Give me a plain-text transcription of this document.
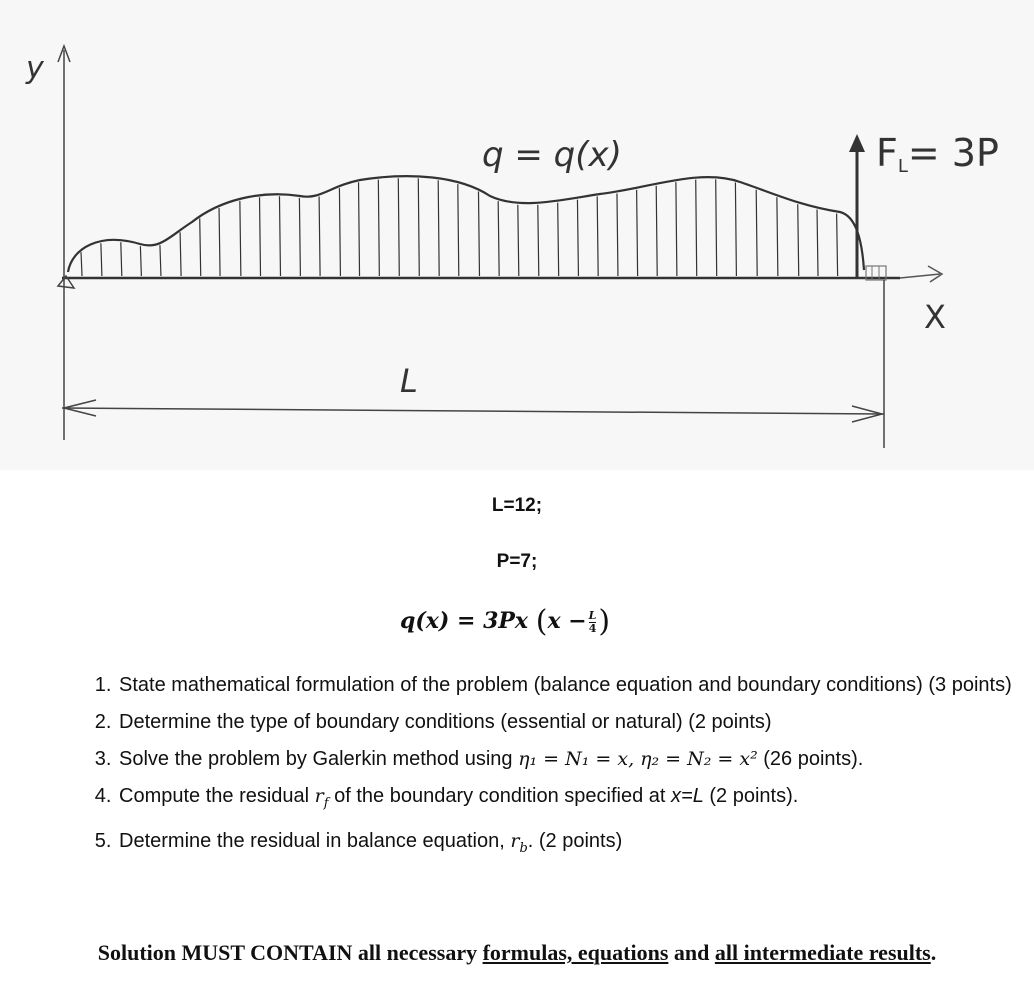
y
X
q = q(x)	FL= 3P
L
L=12;
P=7;
q(x) = 3Px ($x - \frac{L}{4}$ )
1. State mathematical formulation of the problem (balance equation and boundary conditions) (3 points)
2. Determine the type of boundary conditions (essential or natural) (2 points)
3. Solve the problem by Galerkin method using η₁ = N₁ = x, η₂ = N₂ = x² (26 points).
4. Compute the residual $r_f$ of the boundary condition specified at x=L (2 points).
5. Determine the residual in balance equation, $r_b$. (2 points)
Solution MUST CONTAIN all necessary formulas, equations and all intermediate results.
